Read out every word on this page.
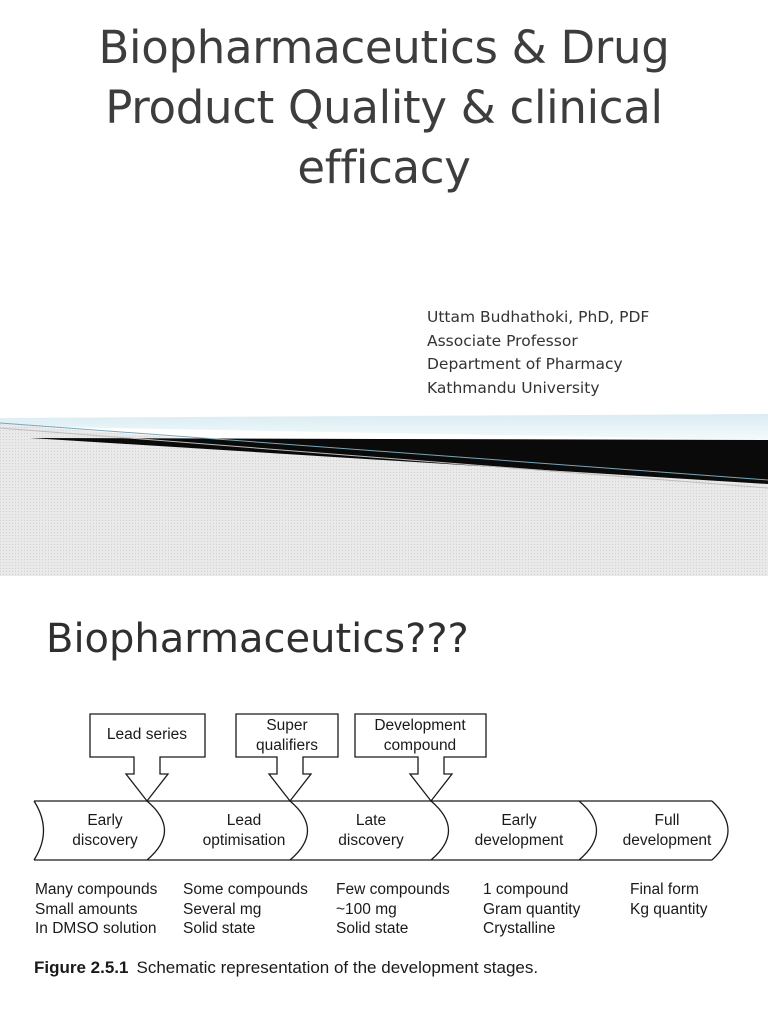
Biopharmaceutics & Drug
Product Quality & clinical
efficacy
Uttam Budhathoki, PhD, PDF
Associate Professor
Department of Pharmacy
Kathmandu University
Biopharmaceutics???
Lead series
Super
qualifiers
Development
compound
Early
discovery
Lead
optimisation
Late
discovery
Early
development
Full
development
Many compounds
Small amounts
In DMSO solution
Some compounds
Several mg
Solid state
Few compounds
~100 mg
Solid state
1 compound
Gram quantity
Crystalline
Final form
Kg quantity
Figure 2.5.1 Schematic representation of the development stages.
